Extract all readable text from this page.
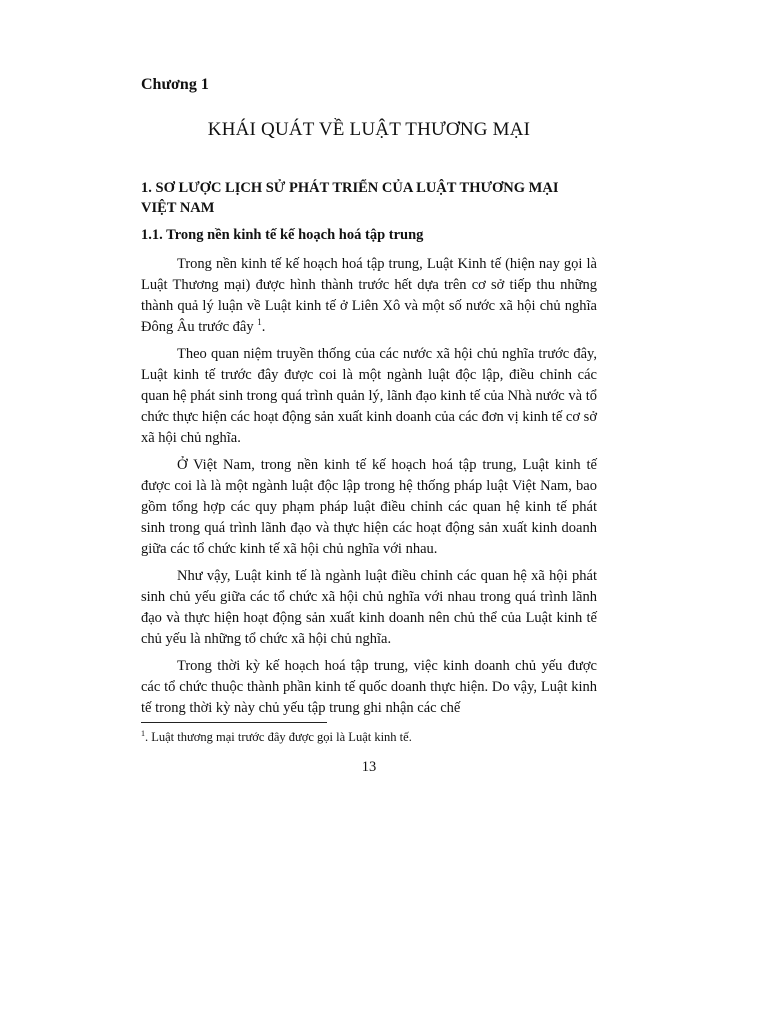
Chương 1
KHÁI QUÁT VỀ LUẬT THƯƠNG MẠI
1. SƠ LƯỢC LỊCH SỬ PHÁT TRIỂN CỦA LUẬT THƯƠNG MẠI VIỆT NAM
1.1. Trong nền kinh tế kế hoạch hoá tập trung

Trong nền kinh tế kế hoạch hoá tập trung, Luật Kinh tế (hiện nay gọi là Luật Thương mại) được hình thành trước hết dựa trên cơ sở tiếp thu những thành quả lý luận về Luật kinh tế ở Liên Xô và một số nước xã hội chủ nghĩa Đông Âu trước đây $^1$.

Theo quan niệm truyền thống của các nước xã hội chủ nghĩa trước đây, Luật kinh tế trước đây được coi là một ngành luật độc lập, điều chỉnh các quan hệ phát sinh trong quá trình quản lý, lãnh đạo kinh tế của Nhà nước và tổ chức thực hiện các hoạt động sản xuất kinh doanh của các đơn vị kinh tế cơ sở xã hội chủ nghĩa.

Ở Việt Nam, trong nền kinh tế kế hoạch hoá tập trung, Luật kinh tế được coi là là một ngành luật độc lập trong hệ thống pháp luật Việt Nam, bao gồm tổng hợp các quy phạm pháp luật điều chỉnh các quan hệ kinh tế phát sinh trong quá trình lãnh đạo và thực hiện các hoạt động sản xuất kinh doanh giữa các tổ chức kinh tế xã hội chủ nghĩa với nhau.

Như vậy, Luật kinh tế là ngành luật điều chỉnh các quan hệ xã hội phát sinh chủ yếu giữa các tổ chức xã hội chủ nghĩa với nhau trong quá trình lãnh đạo và thực hiện hoạt động sản xuất kinh doanh nên chủ thể của Luật kinh tế chủ yếu là những tổ chức xã hội chủ nghĩa.

Trong thời kỳ kế hoạch hoá tập trung, việc kinh doanh chủ yếu được các tổ chức thuộc thành phần kinh tế quốc doanh thực hiện. Do vậy, Luật kinh tế trong thời kỳ này chủ yếu tập trung ghi nhận các chế

$^1$. Luật thương mại trước đây được gọi là Luật kinh tế.

13
